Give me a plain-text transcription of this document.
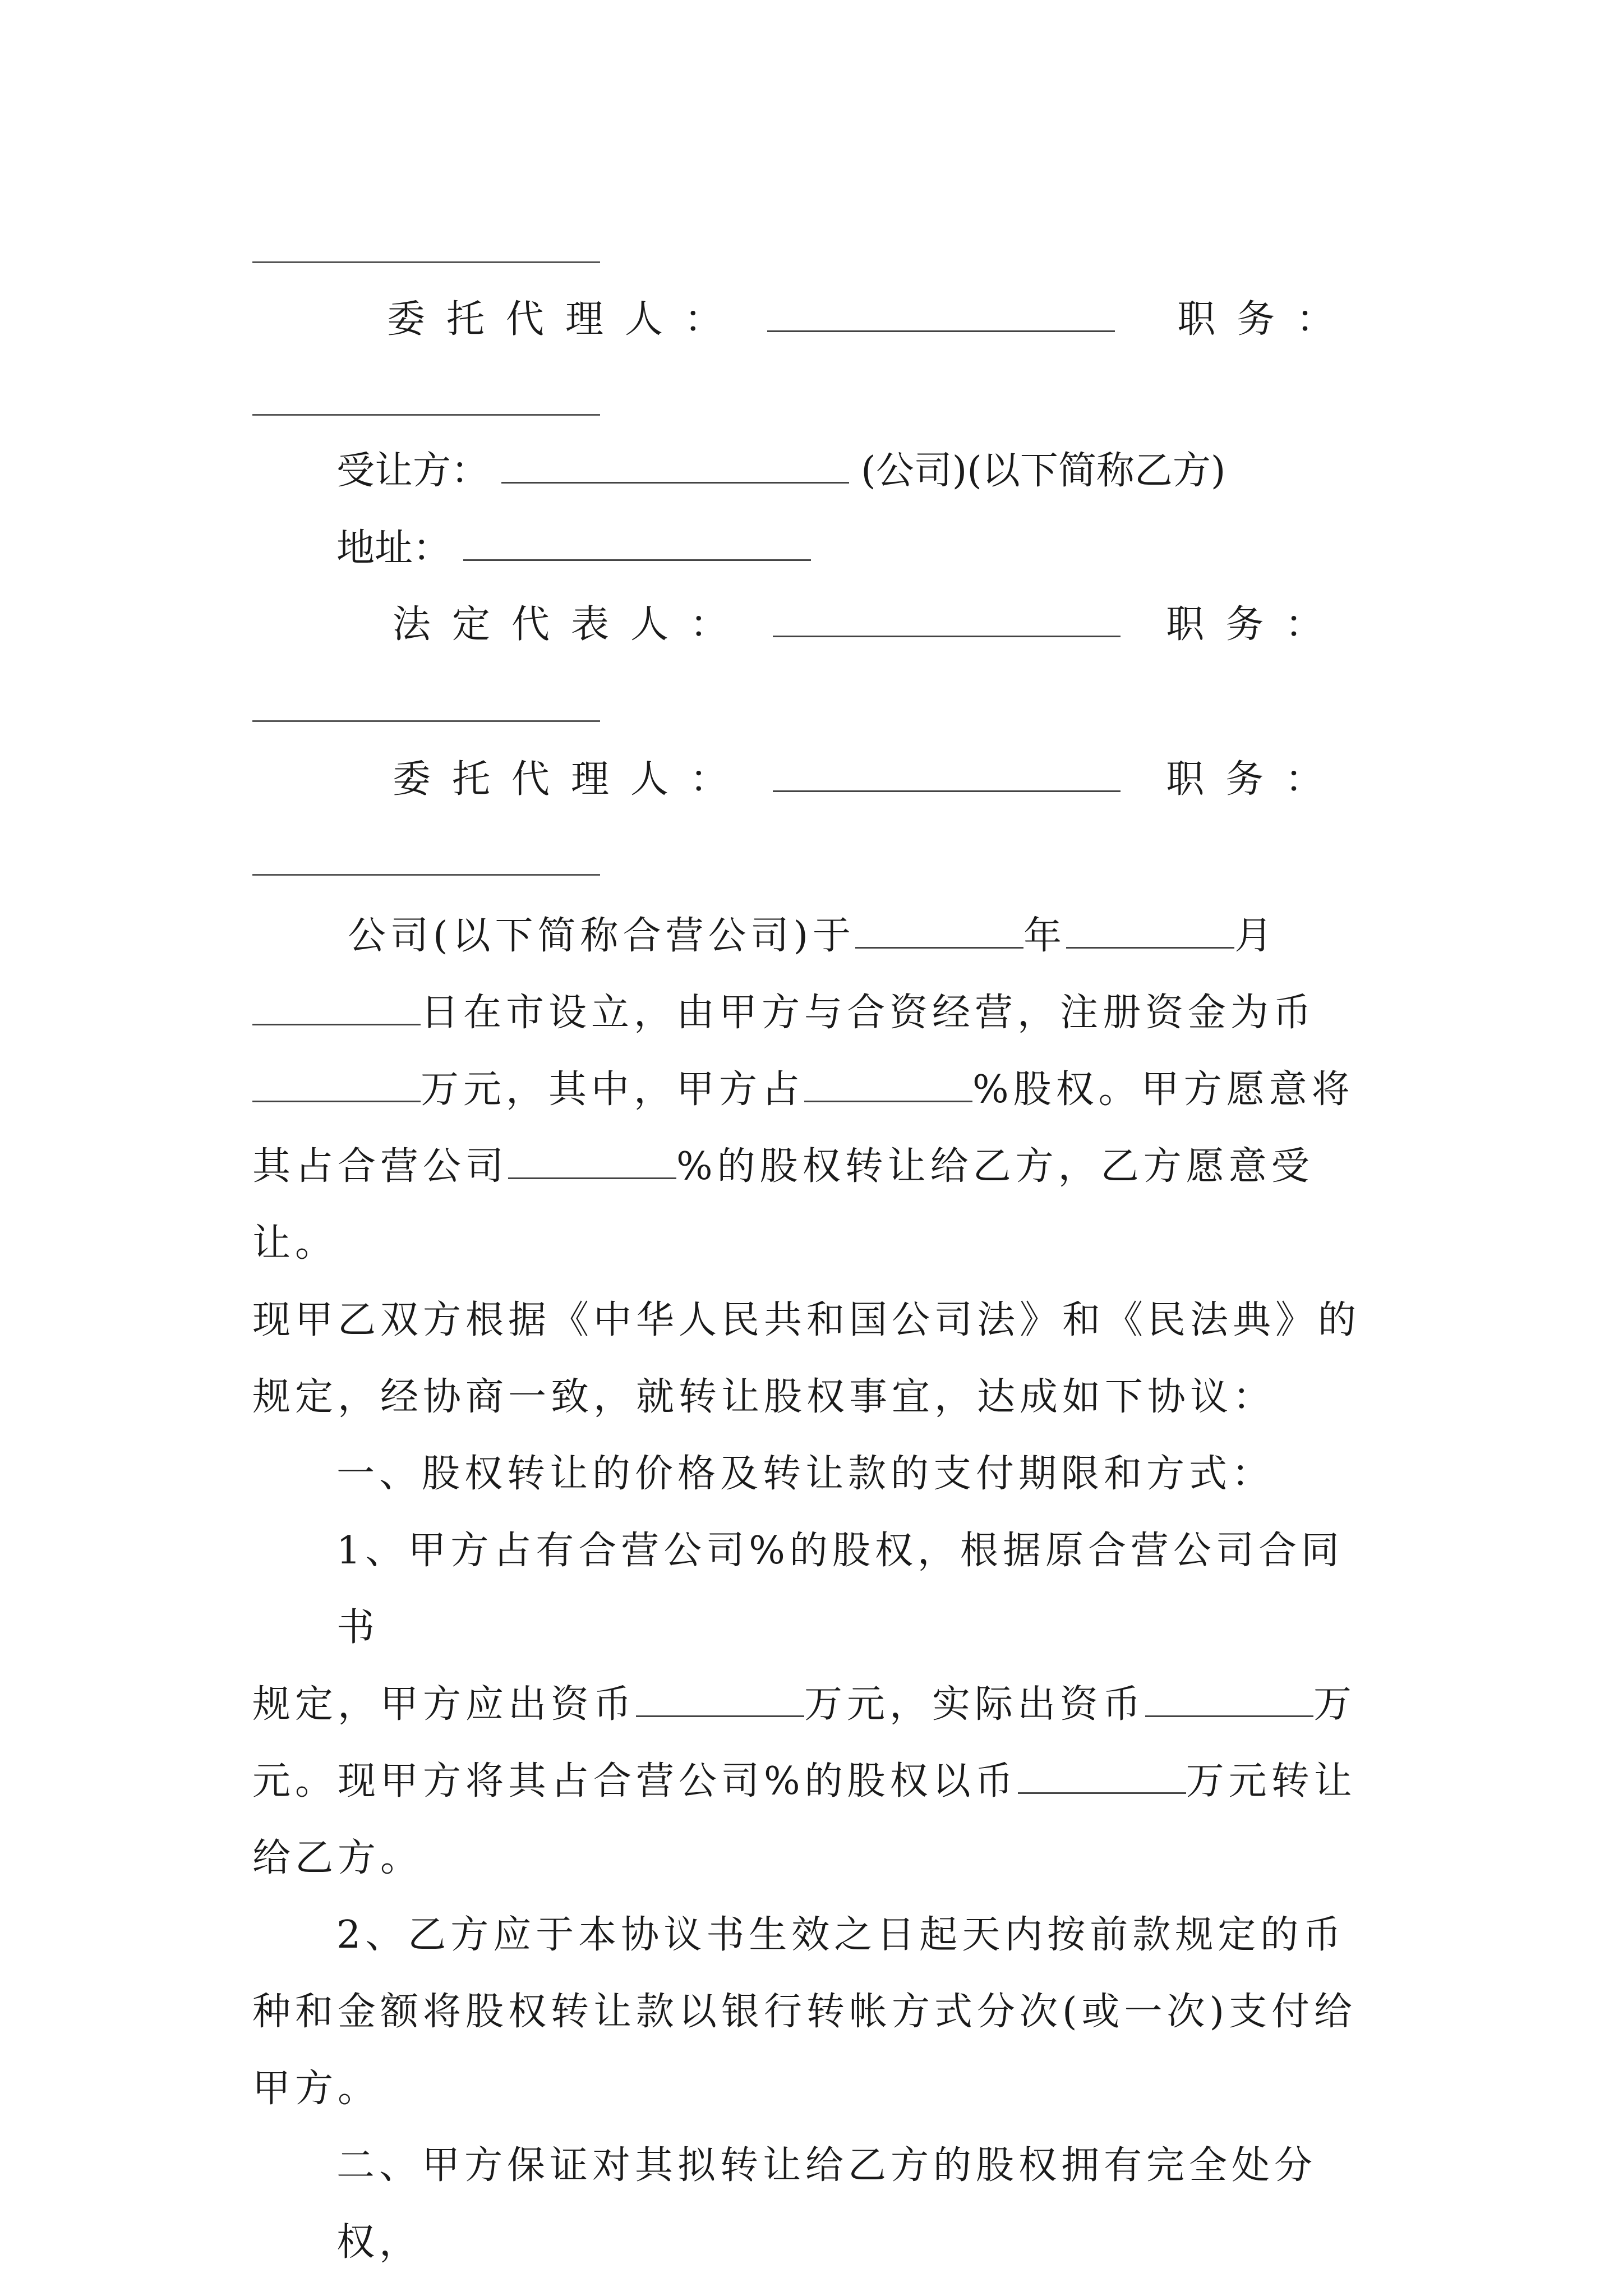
委托代理人：	职务：
受让方：	(公司)(以下简称乙方)
地址：
法定代表人：	职务：
委托代理人：	职务：
公司(以下简称合营公司)于	年	月
日在市设立，由甲方与合资经营，注册资金为币
万元，其中，甲方占	%股权。甲方愿意将
其占合营公司	%的股权转让给乙方，乙方愿意受让。
现甲乙双方根据《中华人民共和国公司法》和《民法典》的
规定，经协商一致，就转让股权事宜，达成如下协议：
一、股权转让的价格及转让款的支付期限和方式：
1、甲方占有合营公司%的股权，根据原合营公司合同书
规定，甲方应出资币	万元，实际出资币	万
元。现甲方将其占合营公司%的股权以币	万元转让
给乙方。
2、乙方应于本协议书生效之日起天内按前款规定的币
种和金额将股权转让款以银行转帐方式分次(或一次)支付给
甲方。
二、甲方保证对其拟转让给乙方的股权拥有完全处分权，
